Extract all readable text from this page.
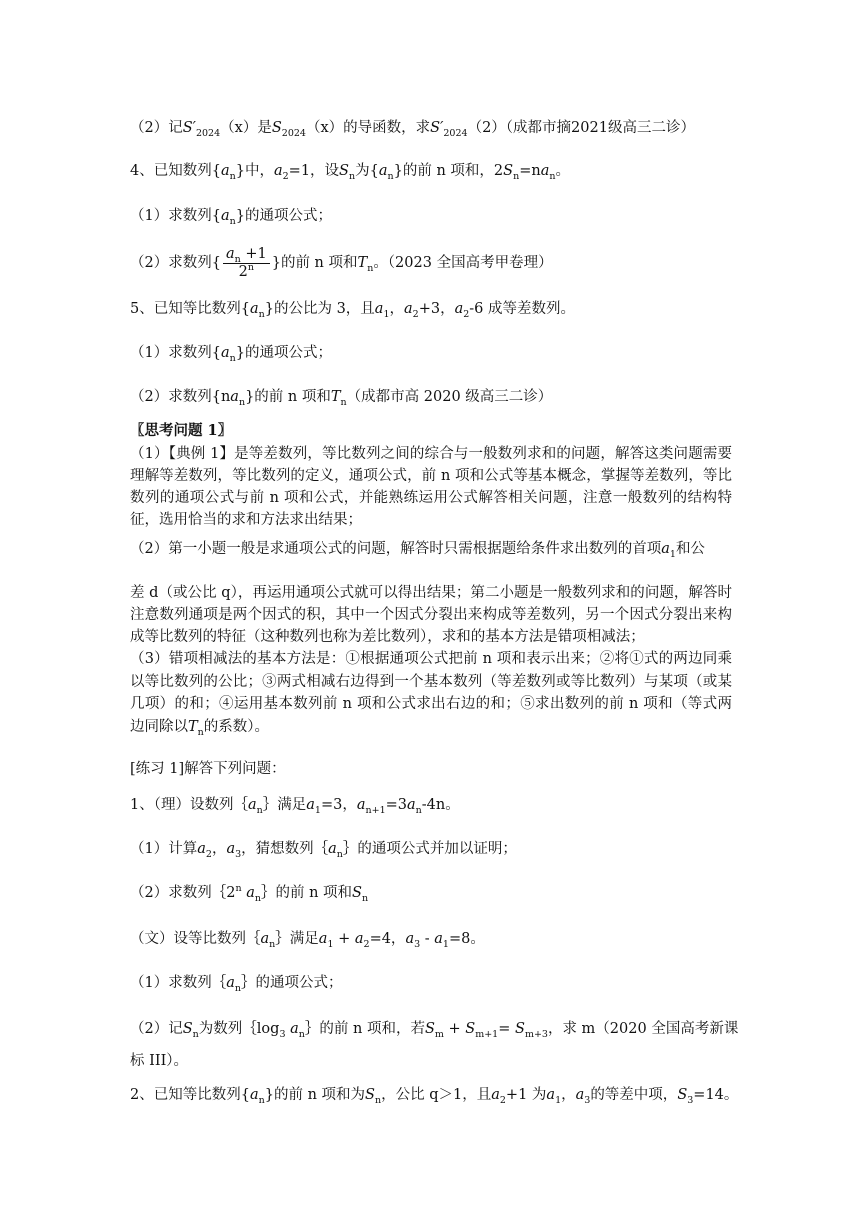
（2）记$S'_{2024}(x)$是$S_{2024}(x)$的导函数，求$S'_{2024}(2)$（成都市摘2021级高三二诊）
4、已知数列$\{a_n\}$中，$a_2=1$，设$S_n$为$\{a_n\}$的前 n 项和，$2S_n=na_n$。
（1）求数列$\{a_n\}$的通项公式；
（2）求数列{ $\frac{a_n +1}{2^n}$ }的前 n 项和$T_n$。（2023 全国高考甲卷理）
5、已知等比数列$\{a_n\}$的公比为 3，且$a_1$，$a_2+3$，$a_2-6$ 成等差数列。
（1）求数列$\{a_n\}$的通项公式；
（2）求数列$\{na_n\}$的前 n 项和$T_n$（成都市高 2020 级高三二诊）
〖思考问题 1〗
（1）【典例 1】是等差数列，等比数列之间的综合与一般数列求和的问题，解答这类问题需要理解等差数列，等比数列的定义，通项公式，前 n 项和公式等基本概念，掌握等差数列，等比数列的通项公式与前 n 项和公式，并能熟练运用公式解答相关问题，注意一般数列的结构特征，选用恰当的求和方法求出结果；
（2）第一小题一般是求通项公式的问题，解答时只需根据题给条件求出数列的首项$a_1$和公
差 d（或公比 q），再运用通项公式就可以得出结果；第二小题是一般数列求和的问题，解答时注意数列通项是两个因式的积，其中一个因式分裂出来构成等差数列，另一个因式分裂出来构成等比数列的特征（这种数列也称为差比数列），求和的基本方法是错项相减法；
（3）错项相减法的基本方法是：①根据通项公式把前 n 项和表示出来；②将①式的两边同乘以等比数列的公比；③两式相减右边得到一个基本数列（等差数列或等比数列）与某项（或某几项）的和；④运用基本数列前 n 项和公式求出右边的和；⑤求出数列的前 n 项和（等式两边同除以$T_n$的系数）。
[练习 1]解答下列问题：
1、（理）设数列$\{a_n\}$满足$a_1=3$，$a_{n+1}=3a_n-4n$。
（1）计算$a_2$，$a_3$，猜想数列$\{a_n\}$的通项公式并加以证明；
（2）求数列｛2$^n$ $a_n\}$的前 n 项和$S_n$
（文）设等比数列$\{a_n\}$满足$a_1 + a_2=4$，$a_3 - a_1=8$。
（1）求数列$\{a_n\}$的通项公式；
（2）记$S_n$为数列$\{\log_3$ $a_n\}$的前 n 项和，若$S_m + S_{m+1}= S_{m+3}$，求 m（2020 全国高考新课
标 III）。
2、已知等比数列$\{a_n\}$的前 n 项和为$S_n$，公比 q＞1，且$a_2+1$ 为$a_1$，$a_3$的等差中项，$S_3=14$。
